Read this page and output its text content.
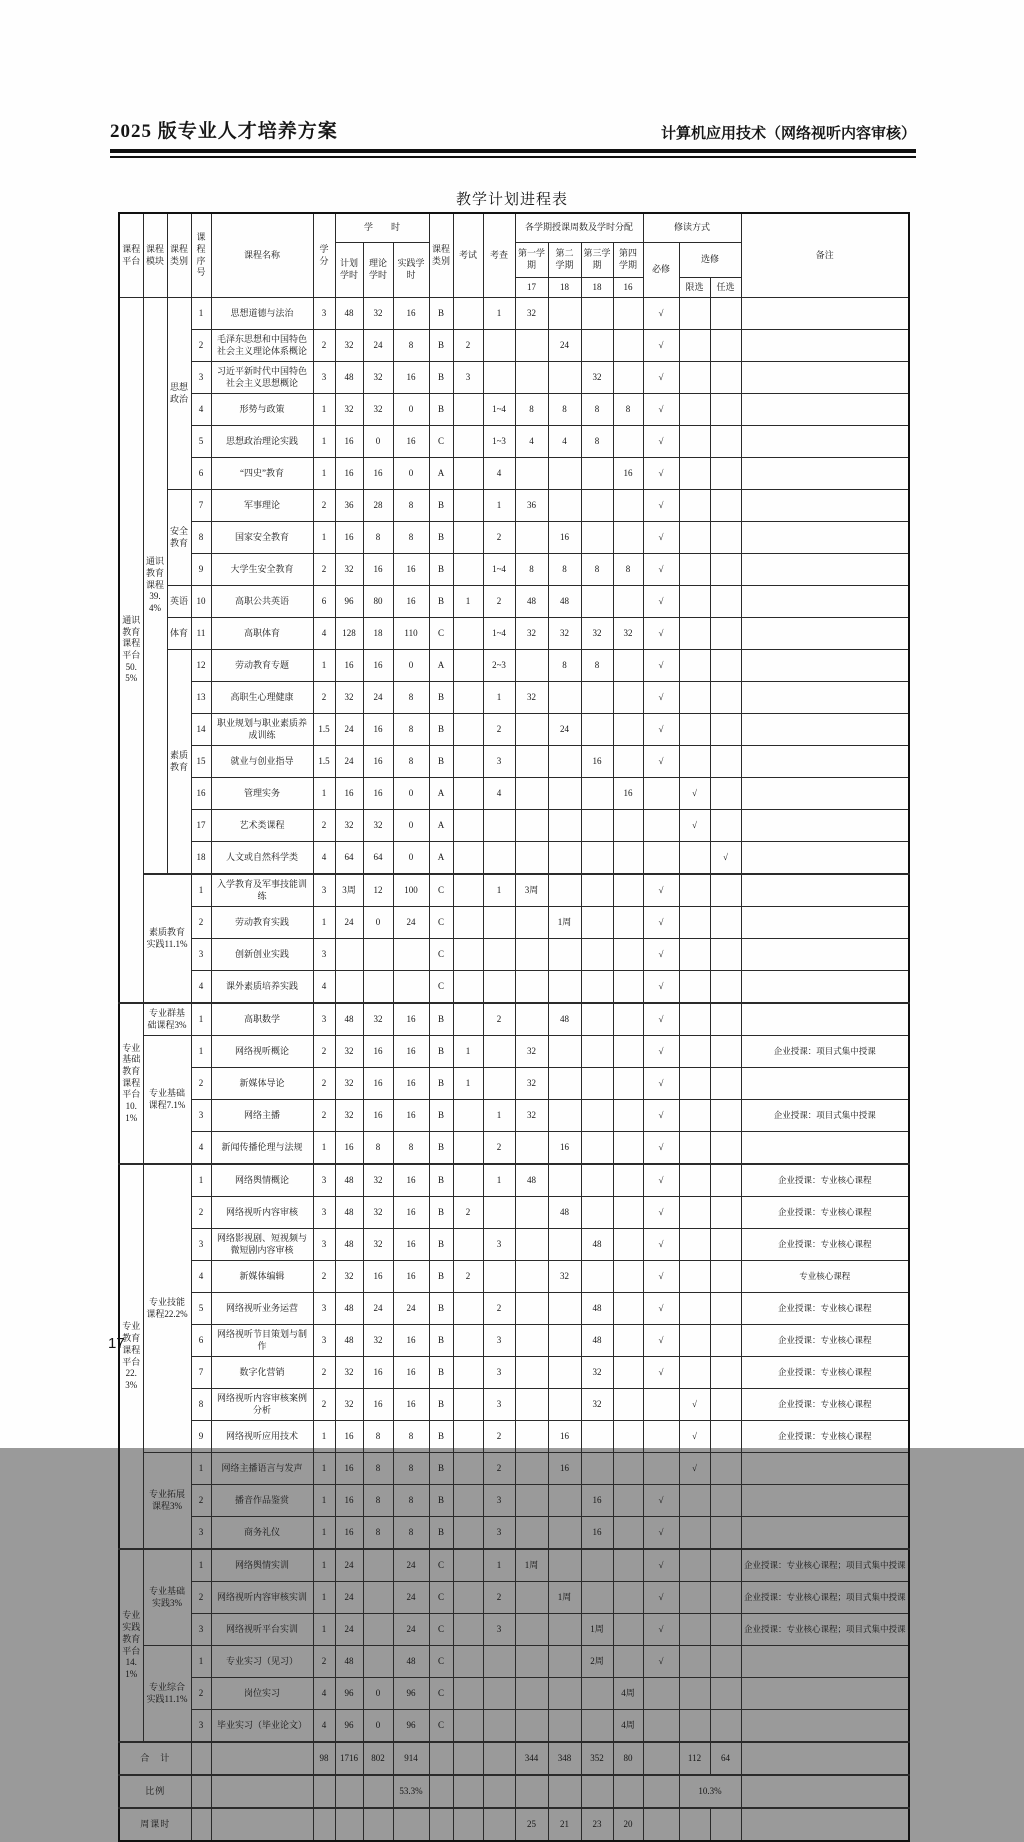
2025 版专业人才培养方案	计算机应用技术（网络视听内容审核）
教学计划进程表
课程平台	课程模块	课程类别	课程序号	课程名称	学分	学　　时			课程类别	考试	考查	各学期授课周数及学时分配				修读方式			备注
						计划学时	理论学时	实践学时				第一学期	第二 学期	第三学期	第四 学期	必修	选修		
												17	18	18	16		限选	任选	
通识教育课程平台50.5%	通识教育课程39.4%	思想政治	1	思想道德与法治	3	48	32	16	B		1	32				√			
			2	毛泽东思想和中国特色社会主义理论体系概论	2	32	24	8	B	2			24			√			
			3	习近平新时代中国特色社会主义思想概论	3	48	32	16	B	3				32		√			
			4	形势与政策	1	32	32	0	B		1~4	8	8	8	8	√			
			5	思想政治理论实践	1	16	0	16	C		1~3	4	4	8		√			
			6	“四史”教育	1	16	16	0	A		4				16	√			
		安全教育	7	军事理论	2	36	28	8	B		1	36				√			
			8	国家安全教育	1	16	8	8	B		2		16			√			
			9	大学生安全教育	2	32	16	16	B		1~4	8	8	8	8	√			
		英语	10	高职公共英语	6	96	80	16	B	1	2	48	48			√			
		体育	11	高职体育	4	128	18	110	C		1~4	32	32	32	32	√			
		素质教育	12	劳动教育专题	1	16	16	0	A		2~3		8	8		√			
			13	高职生心理健康	2	32	24	8	B		1	32				√			
			14	职业规划与职业素质养成训练	1.5	24	16	8	B		2		24			√			
			15	就业与创业指导	1.5	24	16	8	B		3			16		√			
			16	管理实务	1	16	16	0	A		4				16		√		
			17	艺术类课程	2	32	32	0	A								√		
			18	人文或自然科学类	4	64	64	0	A									√	
	素质教育实践11.1%		1	入学教育及军事技能训练	3	3周	12	100	C		1	3周				√			
			2	劳动教育实践	1	24	0	24	C				1周			√			
			3	创新创业实践	3				C							√			
			4	课外素质培养实践	4				C							√			
专业基础教育课程平台10.1%	专业群基础课程3%		1	高职数学	3	48	32	16	B		2		48			√			
	专业基础课程7.1%		1	网络视听概论	2	32	16	16	B	1		32				√			企业授课：项目式集中授课
			2	新媒体导论	2	32	16	16	B	1		32				√			
			3	网络主播	2	32	16	16	B		1	32				√			企业授课：项目式集中授课
			4	新闻传播伦理与法规	1	16	8	8	B		2		16			√			
专业教育课程平台22.3%	专业技能课程22.2%		1	网络舆情概论	3	48	32	16	B		1	48				√			企业授课：专业核心课程
			2	网络视听内容审核	3	48	32	16	B	2			48			√			企业授课：专业核心课程
			3	网络影视剧、短视频与微短剧内容审核	3	48	32	16	B		3			48		√			企业授课：专业核心课程
			4	新媒体编辑	2	32	16	16	B	2			32			√			专业核心课程
			5	网络视听业务运营	3	48	24	24	B		2			48		√			企业授课：专业核心课程
			6	网络视听节目策划与制作	3	48	32	16	B		3			48		√			企业授课：专业核心课程
			7	数字化营销	2	32	16	16	B		3			32		√			企业授课：专业核心课程
			8	网络视听内容审核案例分析	2	32	16	16	B		3			32			√		企业授课：专业核心课程
			9	网络视听应用技术	1	16	8	8	B		2		16				√		企业授课：专业核心课程
	专业拓展课程3%		1	网络主播语言与发声	1	16	8	8	B		2		16				√		
			2	播音作品鉴赏	1	16	8	8	B		3			16		√			
			3	商务礼仪	1	16	8	8	B		3			16		√			
专业实践教育平台14.1%	专业基础实践3%		1	网络舆情实训	1	24		24	C		1	1周				√			企业授课：专业核心课程；项目式集中授课
			2	网络视听内容审核实训	1	24		24	C		2		1周			√			企业授课：专业核心课程；项目式集中授课
			3	网络视听平台实训	1	24		24	C		3			1周		√			企业授课：专业核心课程；项目式集中授课
	专业综合实践11.1%		1	专业实习（见习）	2	48		48	C					2周		√			
			2	岗位实习	4	96	0	96	C						4周				
			3	毕业实习（毕业论文）	4	96	0	96	C						4周				
合　计					98	1716	802	914				344	348	352	80		112	64	
比例								53.3%									10.3%		
周课时												25	21	23	20				
17
